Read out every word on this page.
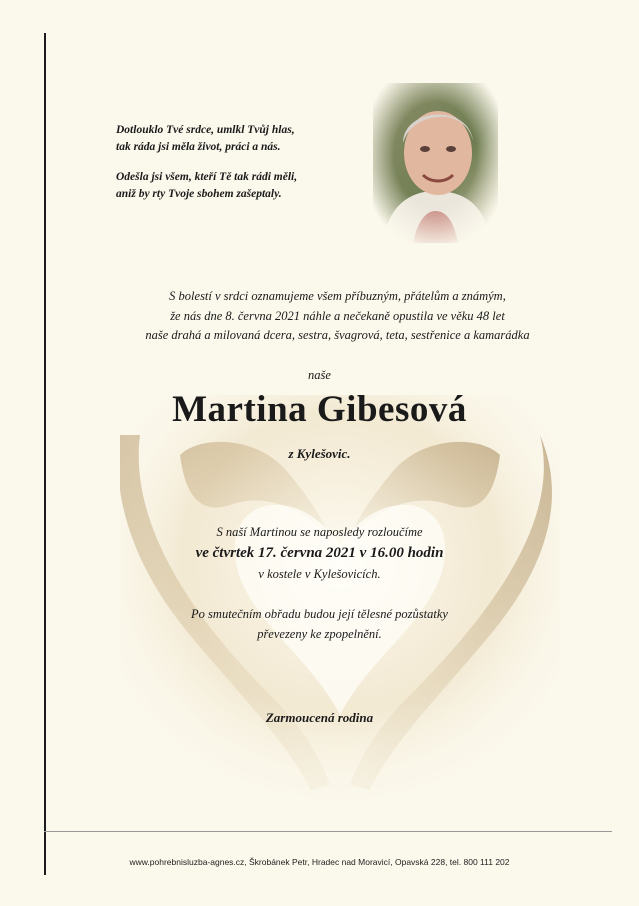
Dotlouklo Tvé srdce, umlkl Tvůj hlas,
tak ráda jsi měla život, práci a nás.

Odešla jsi všem, kteří Tě tak rádi měli,
aniž by rty Tvoje sbohem zašeptaly.

S bolestí v srdci oznamujeme všem příbuzným, přátelům a známým,
že nás dne 8. června 2021 náhle a nečekaně opustila ve věku 48 let
naše drahá a milovaná dcera, sestra, švagrová, teta, sestřenice a kamarádka
naše
Martina Gibesová
z Kylešovic.
S naší Martinou se naposledy rozloučíme
ve čtvrtek 17. června 2021 v 16.00 hodin
v kostele v Kylešovicích.
Po smutečním obřadu budou její tělesné pozůstatky
převezeny ke zpopelnění.
Zarmoucená rodina
www.pohrebnisluzba-agnes.cz, Škrobánek Petr, Hradec nad Moravicí, Opavská 228, tel. 800 111 202
